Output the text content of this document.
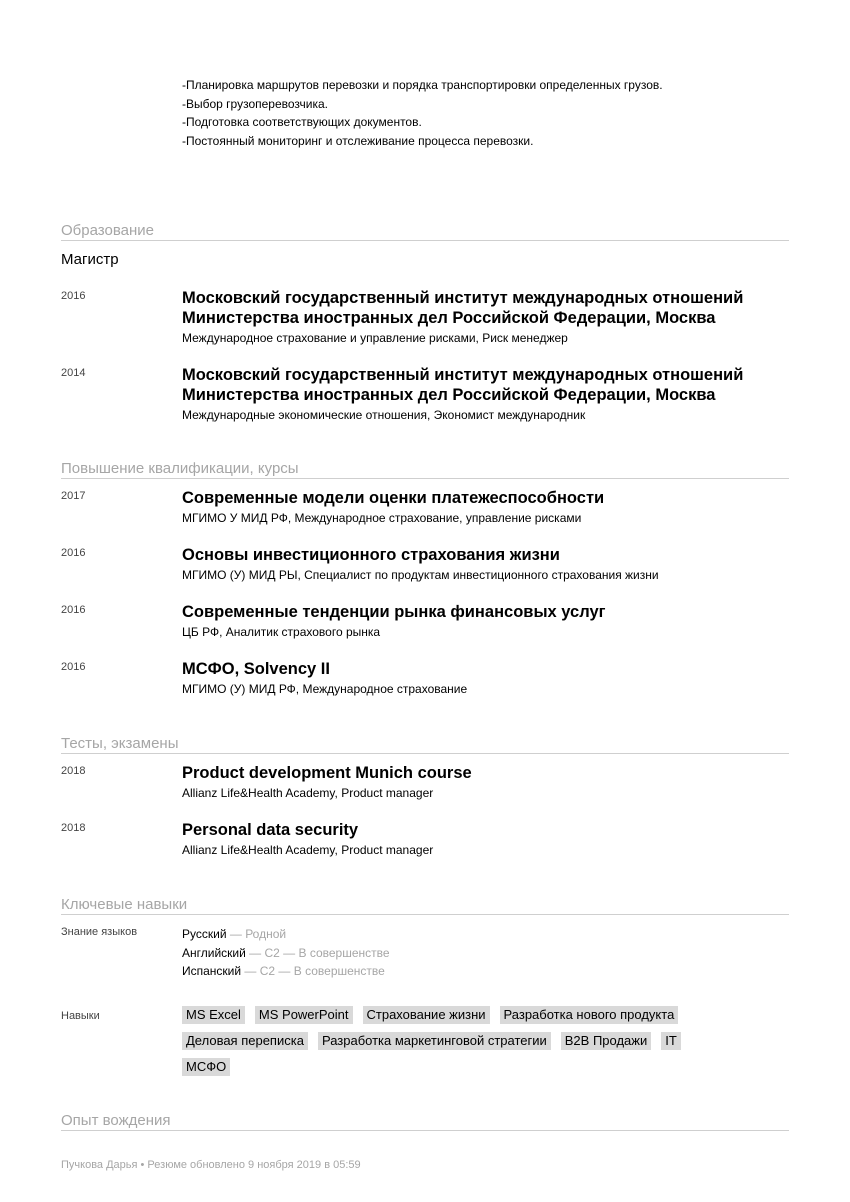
-Планировка маршрутов перевозки и порядка транспортировки определенных грузов.
-Выбор грузоперевозчика.
-Подготовка соответствующих документов.
-Постоянный мониторинг и отслеживание процесса перевозки.
Образование
Магистр
2016	Московский государственный институт международных отношений Министерства иностранных дел Российской Федерации, Москва
Международное страхование и управление рисками, Риск менеджер
2014	Московский государственный институт международных отношений Министерства иностранных дел Российской Федерации, Москва
Международные экономические отношения, Экономист международник
Повышение квалификации, курсы
2017	Современные модели оценки платежеспособности
МГИМО У МИД РФ, Международное страхование, управление рисками
2016	Основы инвестиционного страхования жизни
МГИМО (У) МИД РЫ, Специалист по продуктам инвестиционного страхования жизни
2016	Современные тенденции рынка финансовых услуг
ЦБ РФ, Аналитик страхового рынка
2016	МСФО, Solvency II
МГИМО (У) МИД РФ, Международное страхование
Тесты, экзамены
2018	Product development Munich course
Allianz Life&Health Academy, Product manager
2018	Personal data security
Allianz Life&Health Academy, Product manager
Ключевые навыки
Знание языков	Русский — Родной
Английский — C2 — В совершенстве
Испанский — C2 — В совершенстве
Навыки	MS Excel	MS PowerPoint	Страхование жизни	Разработка нового продукта
Деловая переписка	Разработка маркетинговой стратегии	B2B Продажи	IT
МСФО
Опыт вождения
Пучкова Дарья • Резюме обновлено 9 ноября 2019 в 05:59
